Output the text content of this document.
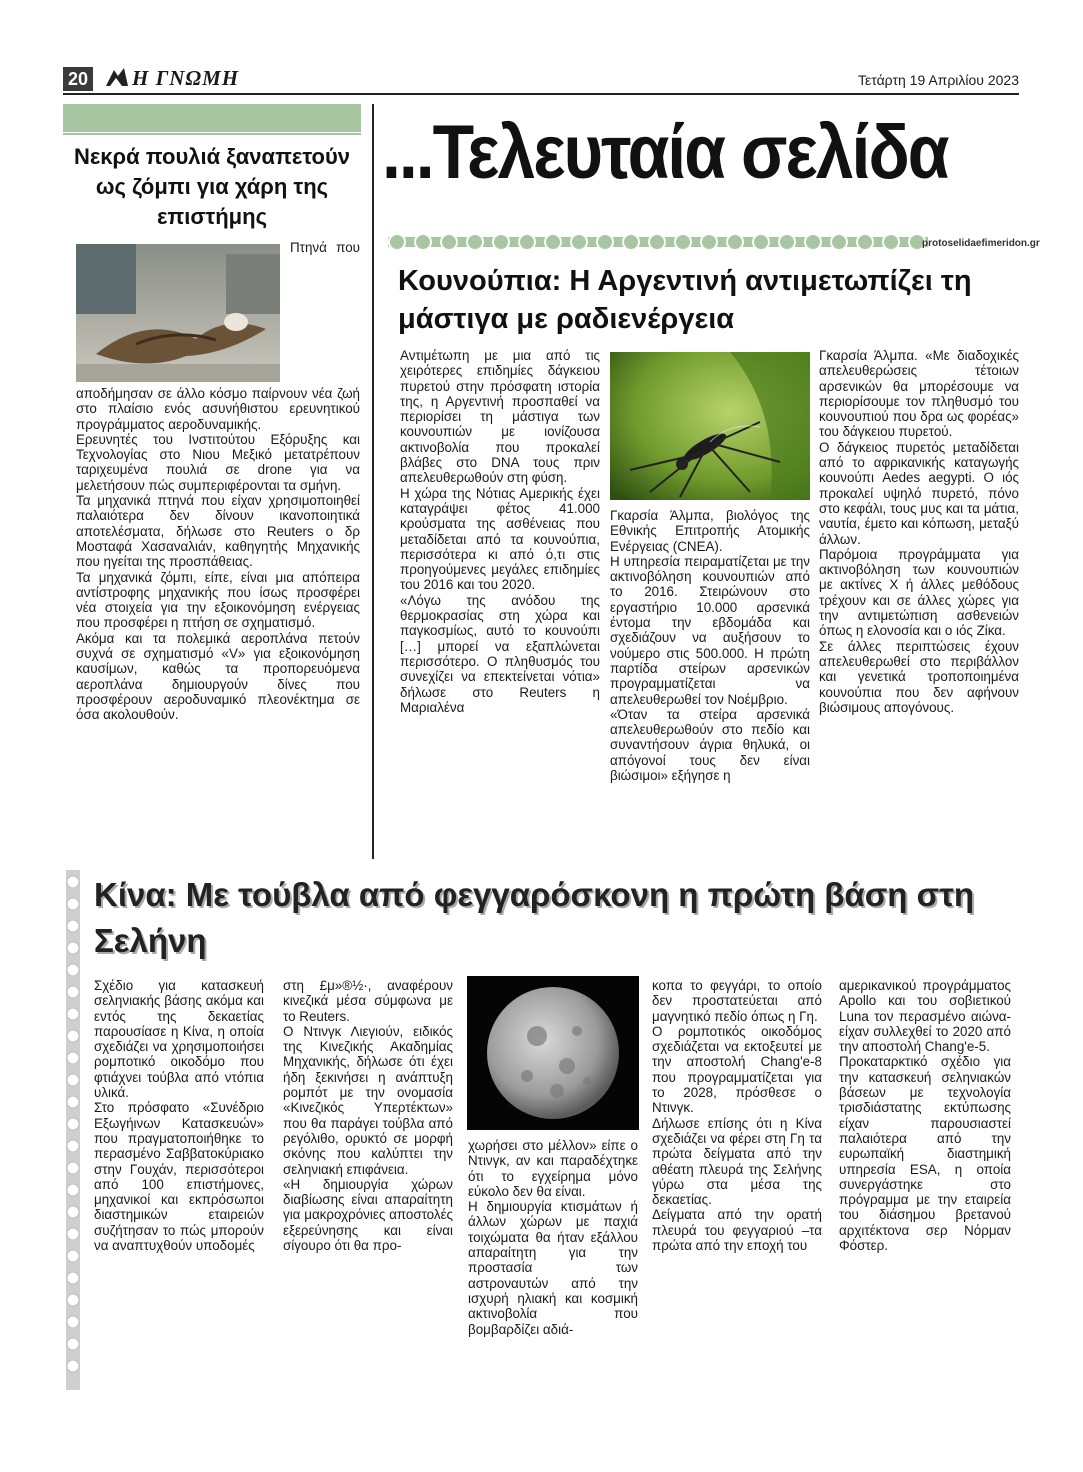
20 Η ΓΝΩΜΗ	Τετάρτη 19 Απριλίου 2023
Νεκρά πουλιά ξαναπετούν ως ζόμπι για χάρη της επιστήμης

Πτηνά που αποδήμησαν σε άλλο κόσμο παίρνουν νέα ζωή στο πλαίσιο ενός ασυνήθιστου ερευνητικού προγράμματος αεροδυναμικής.

Ερευνητές του Ινστιτούτου Εξόρυξης και Τεχνολογίας στο Νιου Μεξικό μετατρέπουν ταριχευμένα πουλιά σε drone για να μελετήσουν πώς συμπεριφέρονται τα σμήνη.

Τα μηχανικά πτηνά που είχαν χρησιμοποιηθεί παλαιότερα δεν δίνουν ικανοποιητικά αποτελέσματα, δήλωσε στο Reuters ο δρ Μοσταφά Χασαναλιάν, καθηγητής Μηχανικής που ηγείται της προσπάθειας.

Τα μηχανικά ζόμπι, είπε, είναι μια απόπειρα αντίστροφης μηχανικής που ίσως προσφέρει νέα στοιχεία για την εξοικονόμηση ενέργειας που προσφέρει η πτήση σε σχηματισμό.

Ακόμα και τα πολεμικά αεροπλάνα πετούν συχνά σε σχηματισμό «V» για εξοικονόμηση καυσίμων, καθώς τα προπορευόμενα αεροπλάνα δημιουργούν δίνες που προσφέρουν αεροδυναμικό πλεονέκτημα σε όσα ακολουθούν.

...Τελευταία σελίδα
protoselidaefimeridon.gr
Κουνούπια: Η Αργεντινή αντιμετωπίζει τη μάστιγα με ραδιενέργεια

Αντιμέτωπη με μια από τις χειρότερες επιδημίες δάγκειου πυρετού στην πρόσφατη ιστορία της, η Αργεντινή προσπαθεί να περιορίσει τη μάστιγα των κουνουπιών με ιονίζουσα ακτινοβολία που προκαλεί βλάβες στο DNA τους πριν απελευθερωθούν στη φύση.

Η χώρα της Νότιας Αμερικής έχει καταγράψει φέτος 41.000 κρούσματα της ασθένειας που μεταδίδεται από τα κουνούπια, περισσότερα κι από ό,τι στις προηγούμενες μεγάλες επιδημίες του 2016 και του 2020.

«Λόγω της ανόδου της θερμοκρασίας στη χώρα και παγκοσμίως, αυτό το κουνούπι […] μπορεί να εξαπλώνεται περισσότερο. Ο πληθυσμός του συνεχίζει να επεκτείνεται νότια» δήλωσε στο Reuters η Μαριαλένα

Γκαρσία Άλμπα, βιολόγος της Εθνικής Επιτροπής Ατομικής Ενέργειας (CNEA).

Η υπηρεσία πειραματίζεται με την ακτινοβόληση κουνουπιών από το 2016. Στειρώνουν στο εργαστήριο 10.000 αρσενικά έντομα την εβδομάδα και σχεδιάζουν να αυξήσουν το νούμερο στις 500.000. Η πρώτη παρτίδα στείρων αρσενικών προγραμματίζεται να απελευθερωθεί τον Νοέμβριο.

«Όταν τα στείρα αρσενικά απελευθερωθούν στο πεδίο και συναντήσουν άγρια θηλυκά, οι απόγονοί τους δεν είναι βιώσιμοι» εξήγησε η

Γκαρσία Άλμπα. «Με διαδοχικές απελευθερώσεις τέτοιων αρσενικών θα μπορέσουμε να περιορίσουμε τον πληθυσμό του κουνουπιού που δρα ως φορέας» του δάγκειου πυρετού.

Ο δάγκειος πυρετός μεταδίδεται από το αφρικανικής καταγωγής κουνούπι Aedes aegypti. Ο ιός προκαλεί υψηλό πυρετό, πόνο στο κεφάλι, τους μυς και τα μάτια, ναυτία, έμετο και κόπωση, μεταξύ άλλων.

Παρόμοια προγράμματα για ακτινοβόληση των κουνουπιών με ακτίνες Χ ή άλλες μεθόδους τρέχουν και σε άλλες χώρες για την αντιμετώπιση ασθενειών όπως η ελονοσία και ο ιός Ζίκα.

Σε άλλες περιπτώσεις έχουν απελευθερωθεί στο περιβάλλον και γενετικά τροποποιημένα κουνούπια που δεν αφήνουν βιώσιμους απογόνους.

Κίνα: Με τούβλα από φεγγαρόσκονη η πρώτη βάση στη Σελήνη

Σχέδιο για κατασκευή σεληνιακής βάσης ακόμα και εντός της δεκαετίας παρουσίασε η Κίνα, η οποία σχεδιάζει να χρησιμοποιήσει ρομποτικό οικοδόμο που φτιάχνει τούβλα από ντόπια υλικά.

Στο πρόσφατο «Συνέδριο Εξωγήινων Κατασκευών» που πραγματοποιήθηκε το περασμένο Σαββατοκύριακο στην Γουχάν, περισσότεροι από 100 επιστήμονες, μηχανικοί και εκπρόσωποι διαστημικών εταιρειών συζήτησαν το πώς μπορούν να αναπτυχθούν υποδομές

στη £μ»®½·, αναφέρουν κινεζικά μέσα σύμφωνα με το Reuters.

Ο Ντινγκ Λιεγιούν, ειδικός της Κινεζικής Ακαδημίας Μηχανικής, δήλωσε ότι έχει ήδη ξεκινήσει η ανάπτυξη ρομπότ με την ονομασία «Κινεζικός Υπερτέκτων» που θα παράγει τούβλα από ρεγόλιθο, ορυκτό σε μορφή σκόνης που καλύπτει την σεληνιακή επιφάνεια.

«Η δημιουργία χώρων διαβίωσης είναι απαραίτητη για μακροχρόνιες αποστολές εξερεύνησης και είναι σίγουρο ότι θα προ-

χωρήσει στο μέλλον» είπε ο Ντινγκ, αν και παραδέχτηκε ότι το εγχείρημα μόνο εύκολο δεν θα είναι.

Η δημιουργία κτισμάτων ή άλλων χώρων με παχιά τοιχώματα θα ήταν εξάλλου απαραίτητη για την προστασία των αστροναυτών από την ισχυρή ηλιακή και κοσμική ακτινοβολία που βομβαρδίζει αδιά-

κοπα το φεγγάρι, το οποίο δεν προστατεύεται από μαγνητικό πεδίο όπως η Γη.

Ο ρομποτικός οικοδόμος σχεδιάζεται να εκτοξευτεί με την αποστολή Chang'e-8 που προγραμματίζεται για το 2028, πρόσθεσε ο Ντινγκ.

Δήλωσε επίσης ότι η Κίνα σχεδιάζει να φέρει στη Γη τα πρώτα δείγματα από την αθέατη πλευρά της Σελήνης γύρω στα μέσα της δεκαετίας.

Δείγματα από την ορατή πλευρά του φεγγαριού –τα πρώτα από την εποχή του

αμερικανικού προγράμματος Apollo και του σοβιετικού Luna τον περασμένο αιώνα- είχαν συλλεχθεί το 2020 από την αποστολή Chang'e-5.

Προκαταρκτικό σχέδιο για την κατασκευή σεληνιακών βάσεων με τεχνολογία τρισδιάστατης εκτύπωσης είχαν παρουσιαστεί παλαιότερα από την ευρωπαϊκή διαστημική υπηρεσία ESA, η οποία συνεργάστηκε στο πρόγραμμα με την εταιρεία του διάσημου βρετανού αρχιτέκτονα σερ Νόρμαν Φόστερ.
